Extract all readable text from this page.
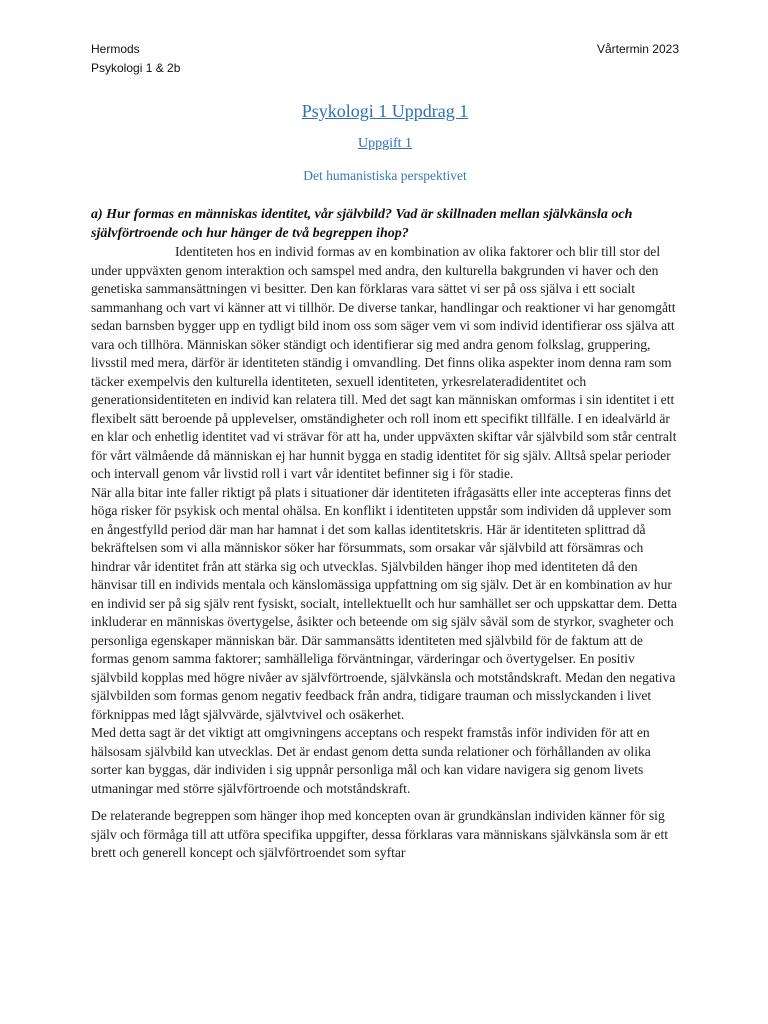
Hermods
Psykologi 1 & 2b
Vårtermin 2023
Psykologi 1 Uppdrag 1
Uppgift 1
Det humanistiska perspektivet
a) Hur formas en människas identitet, vår självbild? Vad är skillnaden mellan självkänsla och självförtroende och hur hänger de två begreppen ihop?

Identiteten hos en individ formas av en kombination av olika faktorer och blir till stor del under uppväxten genom interaktion och samspel med andra, den kulturella bakgrunden vi haver och den genetiska sammansättningen vi besitter. Den kan förklaras vara sättet vi ser på oss själva i ett socialt sammanhang och vart vi känner att vi tillhör. De diverse tankar, handlingar och reaktioner vi har genomgått sedan barnsben bygger upp en tydligt bild inom oss som säger vem vi som individ identifierar oss själva att vara och tillhöra. Människan söker ständigt och identifierar sig med andra genom folkslag, gruppering, livsstil med mera, därför är identiteten ständig i omvandling. Det finns olika aspekter inom denna ram som täcker exempelvis den kulturella identiteten, sexuell identiteten, yrkesrelateradidentitet och generationsidentiteten en individ kan relatera till. Med det sagt kan människan omformas i sin identitet i ett flexibelt sätt beroende på upplevelser, omständigheter och roll inom ett specifikt tillfälle. I en idealvärld är en klar och enhetlig identitet vad vi strävar för att ha, under uppväxten skiftar vår självbild som står centralt för vårt välmående då människan ej har hunnit bygga en stadig identitet för sig själv. Alltså spelar perioder och intervall genom vår livstid roll i vart vår identitet befinner sig i för stadie.

När alla bitar inte faller riktigt på plats i situationer där identiteten ifrågasätts eller inte accepteras finns det höga risker för psykisk och mental ohälsa. En konflikt i identiteten uppstår som individen då upplever som en ångestfylld period där man har hamnat i det som kallas identitetskris. Här är identiteten splittrad då bekräftelsen som vi alla människor söker har försummats, som orsakar vår självbild att försämras och hindrar vår identitet från att stärka sig och utvecklas. Självbilden hänger ihop med identiteten då den hänvisar till en individs mentala och känslomässiga uppfattning om sig själv. Det är en kombination av hur en individ ser på sig själv rent fysiskt, socialt, intellektuellt och hur samhället ser och uppskattar dem. Detta inkluderar en människas övertygelse, åsikter och beteende om sig själv såväl som de styrkor, svagheter och personliga egenskaper människan bär. Där sammansätts identiteten med självbild för de faktum att de formas genom samma faktorer; samhälleliga förväntningar, värderingar och övertygelser. En positiv självbild kopplas med högre nivåer av självförtroende, självkänsla och motståndskraft. Medan den negativa självbilden som formas genom negativ feedback från andra, tidigare trauman och misslyckanden i livet förknippas med lågt självvärde, självtvivel och osäkerhet.

Med detta sagt är det viktigt att omgivningens acceptans och respekt framstås inför individen för att en hälsosam självbild kan utvecklas. Det är endast genom detta sunda relationer och förhållanden av olika sorter kan byggas, där individen i sig uppnår personliga mål och kan vidare navigera sig genom livets utmaningar med större självförtroende och motståndskraft.

De relaterande begreppen som hänger ihop med koncepten ovan är grundkänslan individen känner för sig själv och förmåga till att utföra specifika uppgifter, dessa förklaras vara människans självkänsla som är ett brett och generell koncept och självförtroendet som syftar
